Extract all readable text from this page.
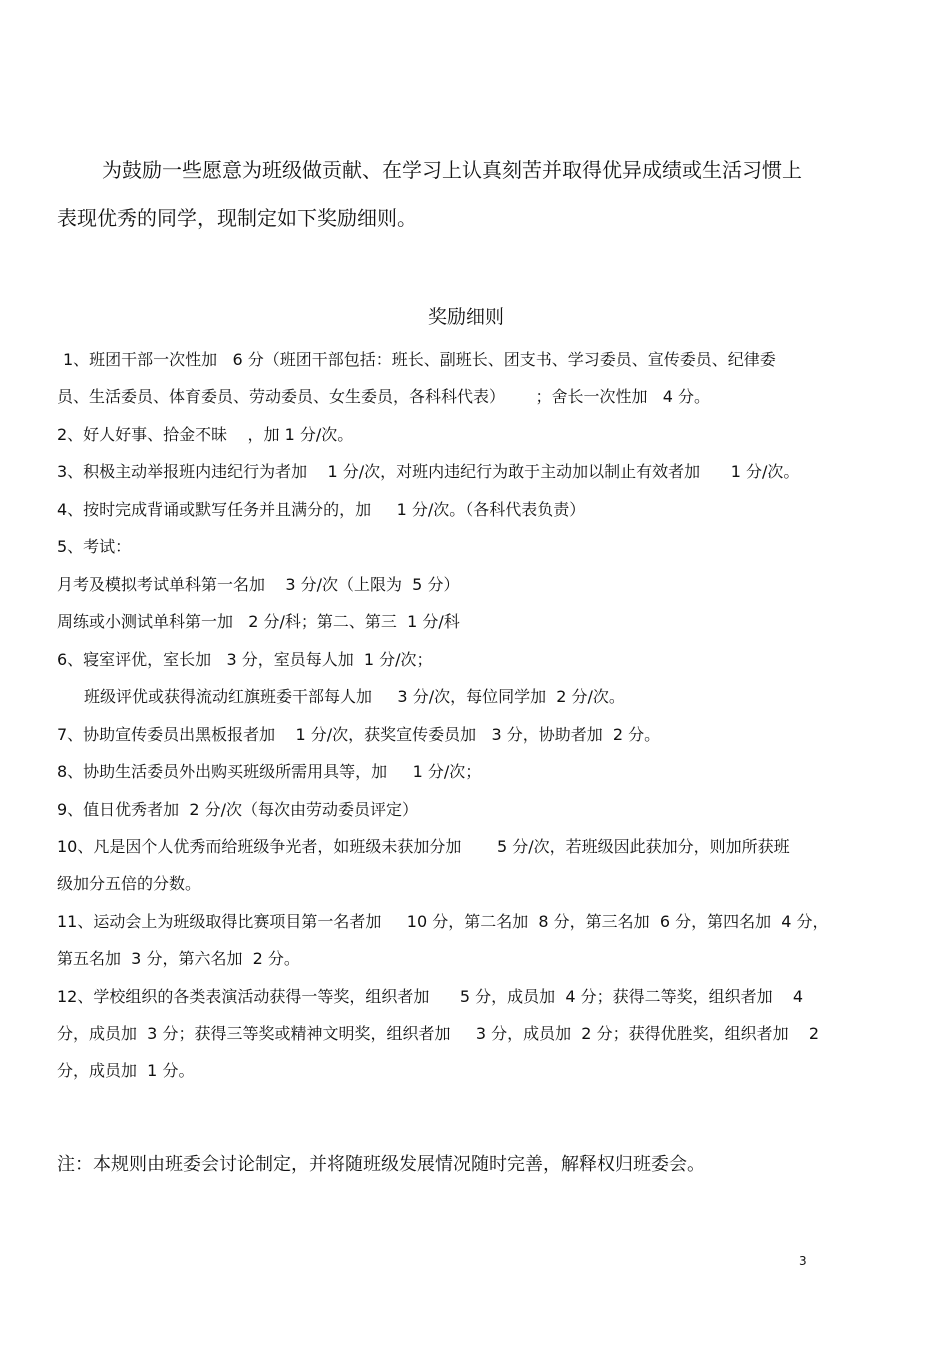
为鼓励一些愿意为班级做贡献、在学习上认真刻苦并取得优异成绩或生活习惯上
表现优秀的同学，现制定如下奖励细则。
奖励细则
1、班团干部一次性加   6 分（班团干部包括：班长、副班长、团支书、学习委员、宣传委员、纪律委
员、生活委员、体育委员、劳动委员、女生委员，各科科代表）      ；舍长一次性加   4 分。
2、好人好事、拾金不昧    ，加 1 分/次。
3、积极主动举报班内违纪行为者加    1 分/次，对班内违纪行为敢于主动加以制止有效者加      1 分/次。
4、按时完成背诵或默写任务并且满分的，加     1 分/次。（各科代表负责）
5、考试：
月考及模拟考试单科第一名加    3 分/次（上限为  5 分）
周练或小测试单科第一加   2 分/科；第二、第三  1 分/科
6、寝室评优，室长加   3 分，室员每人加  1 分/次；
班级评优或获得流动红旗班委干部每人加     3 分/次，每位同学加  2 分/次。
7、协助宣传委员出黑板报者加    1 分/次，获奖宣传委员加   3 分，协助者加  2 分。
8、协助生活委员外出购买班级所需用具等，加     1 分/次；
9、值日优秀者加  2 分/次（每次由劳动委员评定）
10、凡是因个人优秀而给班级争光者，如班级未获加分加       5 分/次，若班级因此获加分，则加所获班
级加分五倍的分数。
11、运动会上为班级取得比赛项目第一名者加     10 分，第二名加  8 分，第三名加  6 分，第四名加  4 分，
第五名加  3 分，第六名加  2 分。
12、学校组织的各类表演活动获得一等奖，组织者加      5 分，成员加  4 分；获得二等奖，组织者加    4
分，成员加  3 分；获得三等奖或精神文明奖，组织者加     3 分，成员加  2 分；获得优胜奖，组织者加    2
分，成员加  1 分。
注：本规则由班委会讨论制定，并将随班级发展情况随时完善，解释权归班委会。
3
